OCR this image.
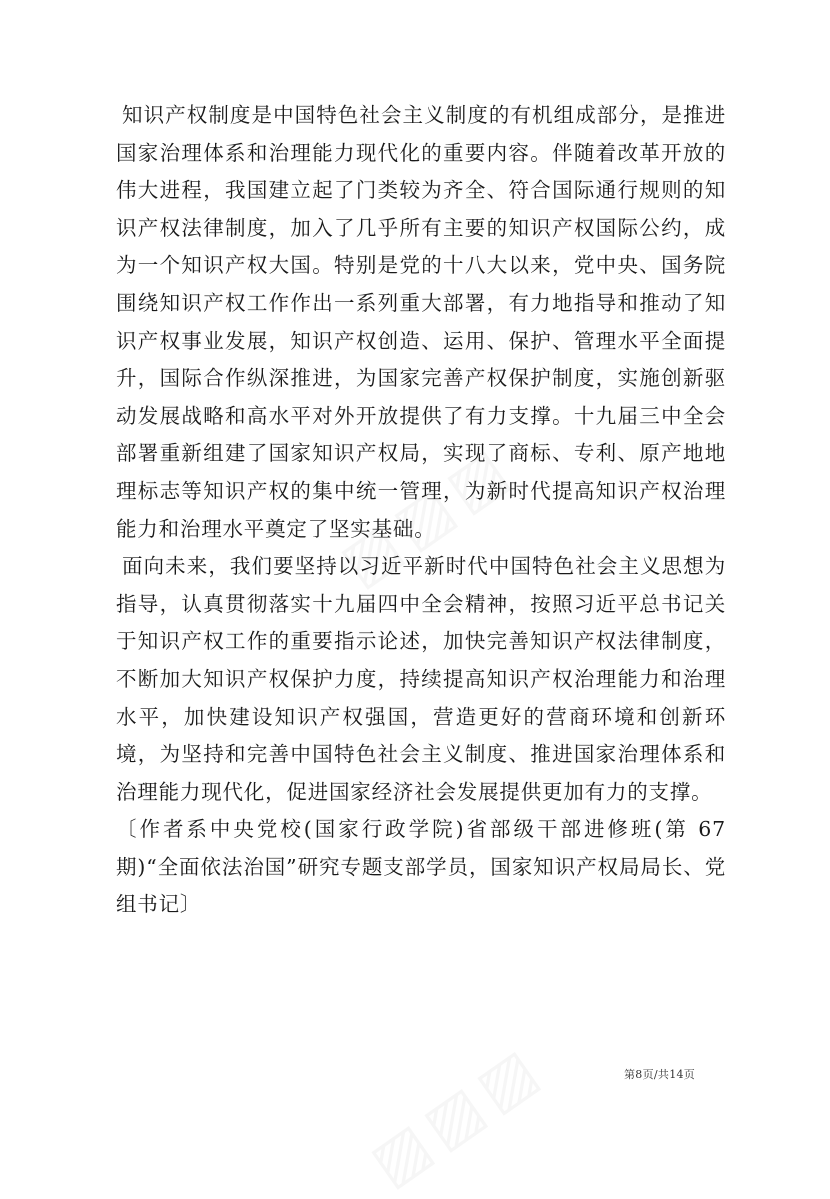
知识产权制度是中国特色社会主义制度的有机组成部分，是推进国家治理体系和治理能力现代化的重要内容。伴随着改革开放的伟大进程，我国建立起了门类较为齐全、符合国际通行规则的知识产权法律制度，加入了几乎所有主要的知识产权国际公约，成为一个知识产权大国。特别是党的十八大以来，党中央、国务院围绕知识产权工作作出一系列重大部署，有力地指导和推动了知识产权事业发展，知识产权创造、运用、保护、管理水平全面提升，国际合作纵深推进，为国家完善产权保护制度，实施创新驱动发展战略和高水平对外开放提供了有力支撑。十九届三中全会部署重新组建了国家知识产权局，实现了商标、专利、原产地地理标志等知识产权的集中统一管理，为新时代提高知识产权治理能力和治理水平奠定了坚实基础。

面向未来，我们要坚持以习近平新时代中国特色社会主义思想为指导，认真贯彻落实十九届四中全会精神，按照习近平总书记关于知识产权工作的重要指示论述，加快完善知识产权法律制度，不断加大知识产权保护力度，持续提高知识产权治理能力和治理水平，加快建设知识产权强国，营造更好的营商环境和创新环境，为坚持和完善中国特色社会主义制度、推进国家治理体系和治理能力现代化，促进国家经济社会发展提供更加有力的支撑。

〔作者系中央党校(国家行政学院)省部级干部进修班(第 67 期)“全面依法治国”研究专题支部学员，国家知识产权局局长、党组书记〕

第8页/共14页
